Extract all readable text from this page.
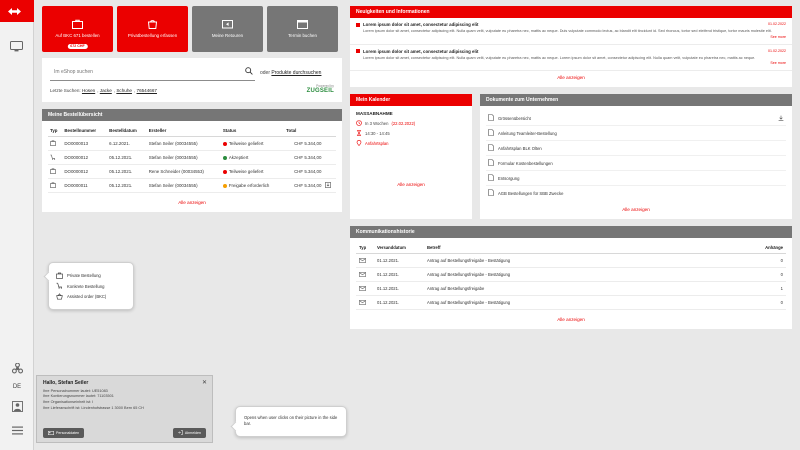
DE
Auf BKC 671 bestellen
672 CHF
Privatbestellung erfassen	Meine Retouren	Termin buchen
Im eShop suchen
oder Produkte durchsuchen
Letzte Suchen: Hosen , Jacke , Schuhe , 76544667
Powered by
ZUGSEIL
Meine Bestellübersicht
Typ	Bestellnummer	Bestelldatum	Ersteller	Status	Total	
	DO0000013	6.12.2021.	Stefan Seiler (00034555)	Teilweise geliefert	CHF 5.344,00	
	DO0000012	05.12.2021.	Stefan Seiler (00034555)	Akzeptiert	CHF 5.344,00	
	DO0000012	05.12.2021.	Rene Schneider (00034553)	Teilweise geliefert	CHF 5.344,00	
	DO0000011	05.12.2021.	Stefan Seiler (00034555)	Freigabe erforderlich	CHF 5.344,00	
Alle anzeigen
Neuigkeiten und Informationen
Lorem ipsum dolor sit amet, consectetur adipiscing elit	01.02.2022
Lorem ipsum dolor sit amet, consectetur adipiscing elit. Nulla quam velit, vulputate eu pharetra nec, mattis ac neque. Duis vulputate commodo lectus, ac blandit elit tincidunt id. Sed rhoncus, tortor sed eleifend tristique, tortor mauris molestie elit.
See more
Lorem ipsum dolor sit amet, consectetur adipiscing elit	01.02.2022
Lorem ipsum dolor sit amet, consectetur adipiscing elit. Nulla quam velit, vulputate eu pharetra nec, mattis ac neque. Lorem ipsum dolor sit amet, consectetur adipiscing elit. Nulla quam velit, vulputate eu pharetra nec, mattis ac neque.
See more
Alle anzeigen
Mein Kalender
MASSABNAHME
In 3 Wochen (22.02.2022)
14:30 - 14:45
Anfahrtsplan
Alle anzeigen
Dokumente zum Unternehmen
Grössenübersicht
Anleitung Teamleiter-Bestellung
Anfahrtsplan BLK Olten
Formular Kostenbestellungen
Entsorgung
AGB Bestellungen für SBB Zwecke
Alle anzeigen
Kommunikationshistorie
Typ	Versanddatum	Betreff	Anhänge
	01.12.2021.	Antrag auf Bestellungsfreigabe - Bestätigung	0
	01.12.2021.	Antrag auf Bestellungsfreigabe - Bestätigung	0
	01.12.2021.	Antrag auf Bestellungsfreigabe	1
	01.12.2021.	Antrag auf Bestellungsfreigabe - Bestätigung	0
Alle anzeigen
Private Bestellung
Konkrete Bestellung
Assisted order (BKC)
Hallo, Stefan Seiler	✕
Ihre Personalnummer lautet: UE51083
Ihre Kontierungsnummer lautet: 71103501
Ihre Organisationseinheit ist: I
Ihre Lieferanschrift ist: Lindenhofstrasse 1 3000 Bern 65 CH
Personaldaten	Abmelden
Opens when user clicks on their picture in the side bar.
